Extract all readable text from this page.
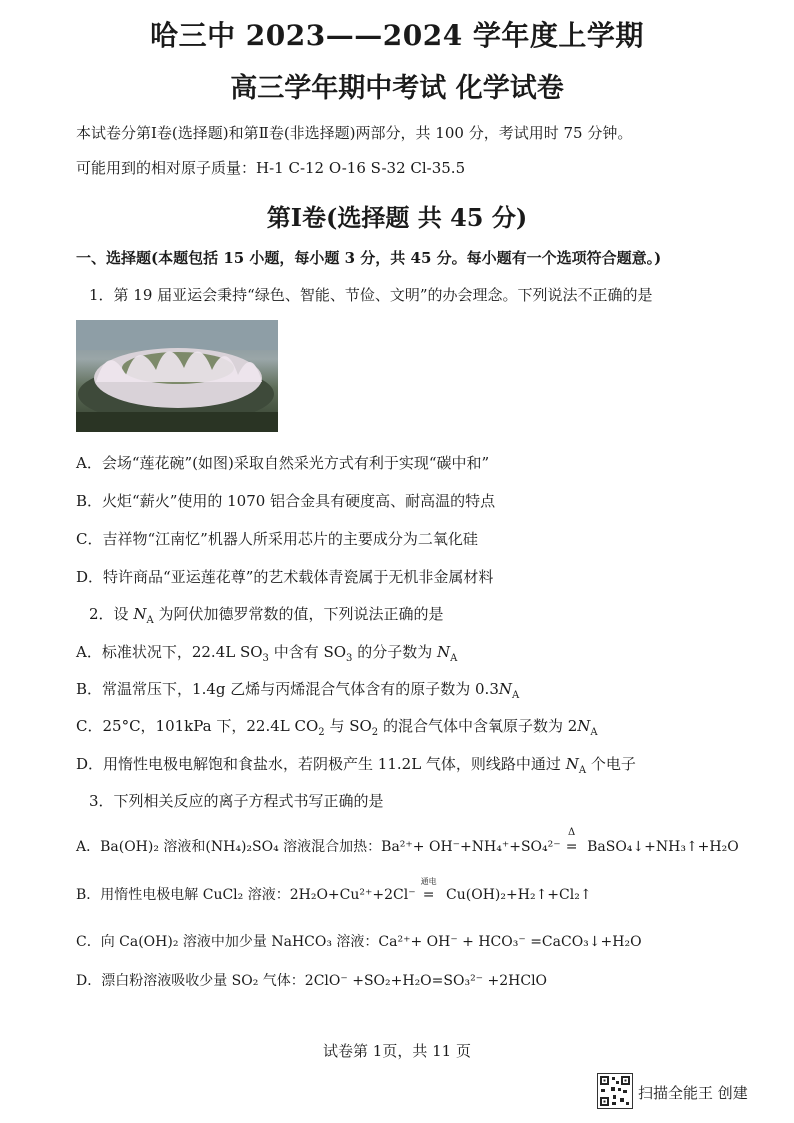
哈三中 2023——2024 学年度上学期
高三学年期中考试 化学试卷
本试卷分第Ⅰ卷(选择题)和第Ⅱ卷(非选择题)两部分，共 100 分，考试用时 75 分钟。
可能用到的相对原子质量：H-1 C-12 O-16 S-32 Cl-35.5
第Ⅰ卷(选择题 共 45 分)
一、选择题(本题包括 15 小题，每小题 3 分，共 45 分。每小题有一个选项符合题意。)
1．第 19 届亚运会秉持“绿色、智能、节俭、文明”的办会理念。下列说法不正确的是
A．会场“莲花碗”(如图)采取自然采光方式有利于实现“碳中和”
B．火炬“薪火”使用的 1070 铝合金具有硬度高、耐高温的特点
C．吉祥物“江南忆”机器人所采用芯片的主要成分为二氧化硅
D．特许商品“亚运莲花尊”的艺术载体青瓷属于无机非金属材料
2．设 $N_A$ 为阿伏加德罗常数的值，下列说法正确的是
A．标准状况下，22.4L $SO_3$ 中含有 $SO_3$ 的分子数为 $N_A$
B．常温常压下，1.4g 乙烯与丙烯混合气体含有的原子数为 $0.3N_A$
C．25°C，101kPa 下，22.4L $CO_2$ 与 $SO_2$ 的混合气体中含氧原子数为 $2N_A$
D．用惰性电极电解饱和食盐水，若阴极产生 11.2L 气体，则线路中通过 $N_A$ 个电子
3．下列相关反应的离子方程式书写正确的是
A．Ba(OH)₂ 溶液和(NH₄)₂SO₄ 溶液混合加热：Ba²⁺+ OH⁻+NH₄⁺+SO₄²⁻
Δ
= BaSO₄↓+NH₃↑+H₂O
B．用惰性电极电解 CuCl₂ 溶液：2H₂O+Cu²⁺+2Cl⁻
通电
= Cu(OH)₂+H₂↑+Cl₂↑
C．向 Ca(OH)₂ 溶液中加少量 NaHCO₃ 溶液：Ca²⁺+ OH⁻ + HCO₃⁻ =CaCO₃↓+H₂O
D．漂白粉溶液吸收少量 SO₂ 气体：2ClO⁻ +SO₂+H₂O=SO₃²⁻ +2HClO
试卷第 1页，共 11 页
扫描全能王 创建
